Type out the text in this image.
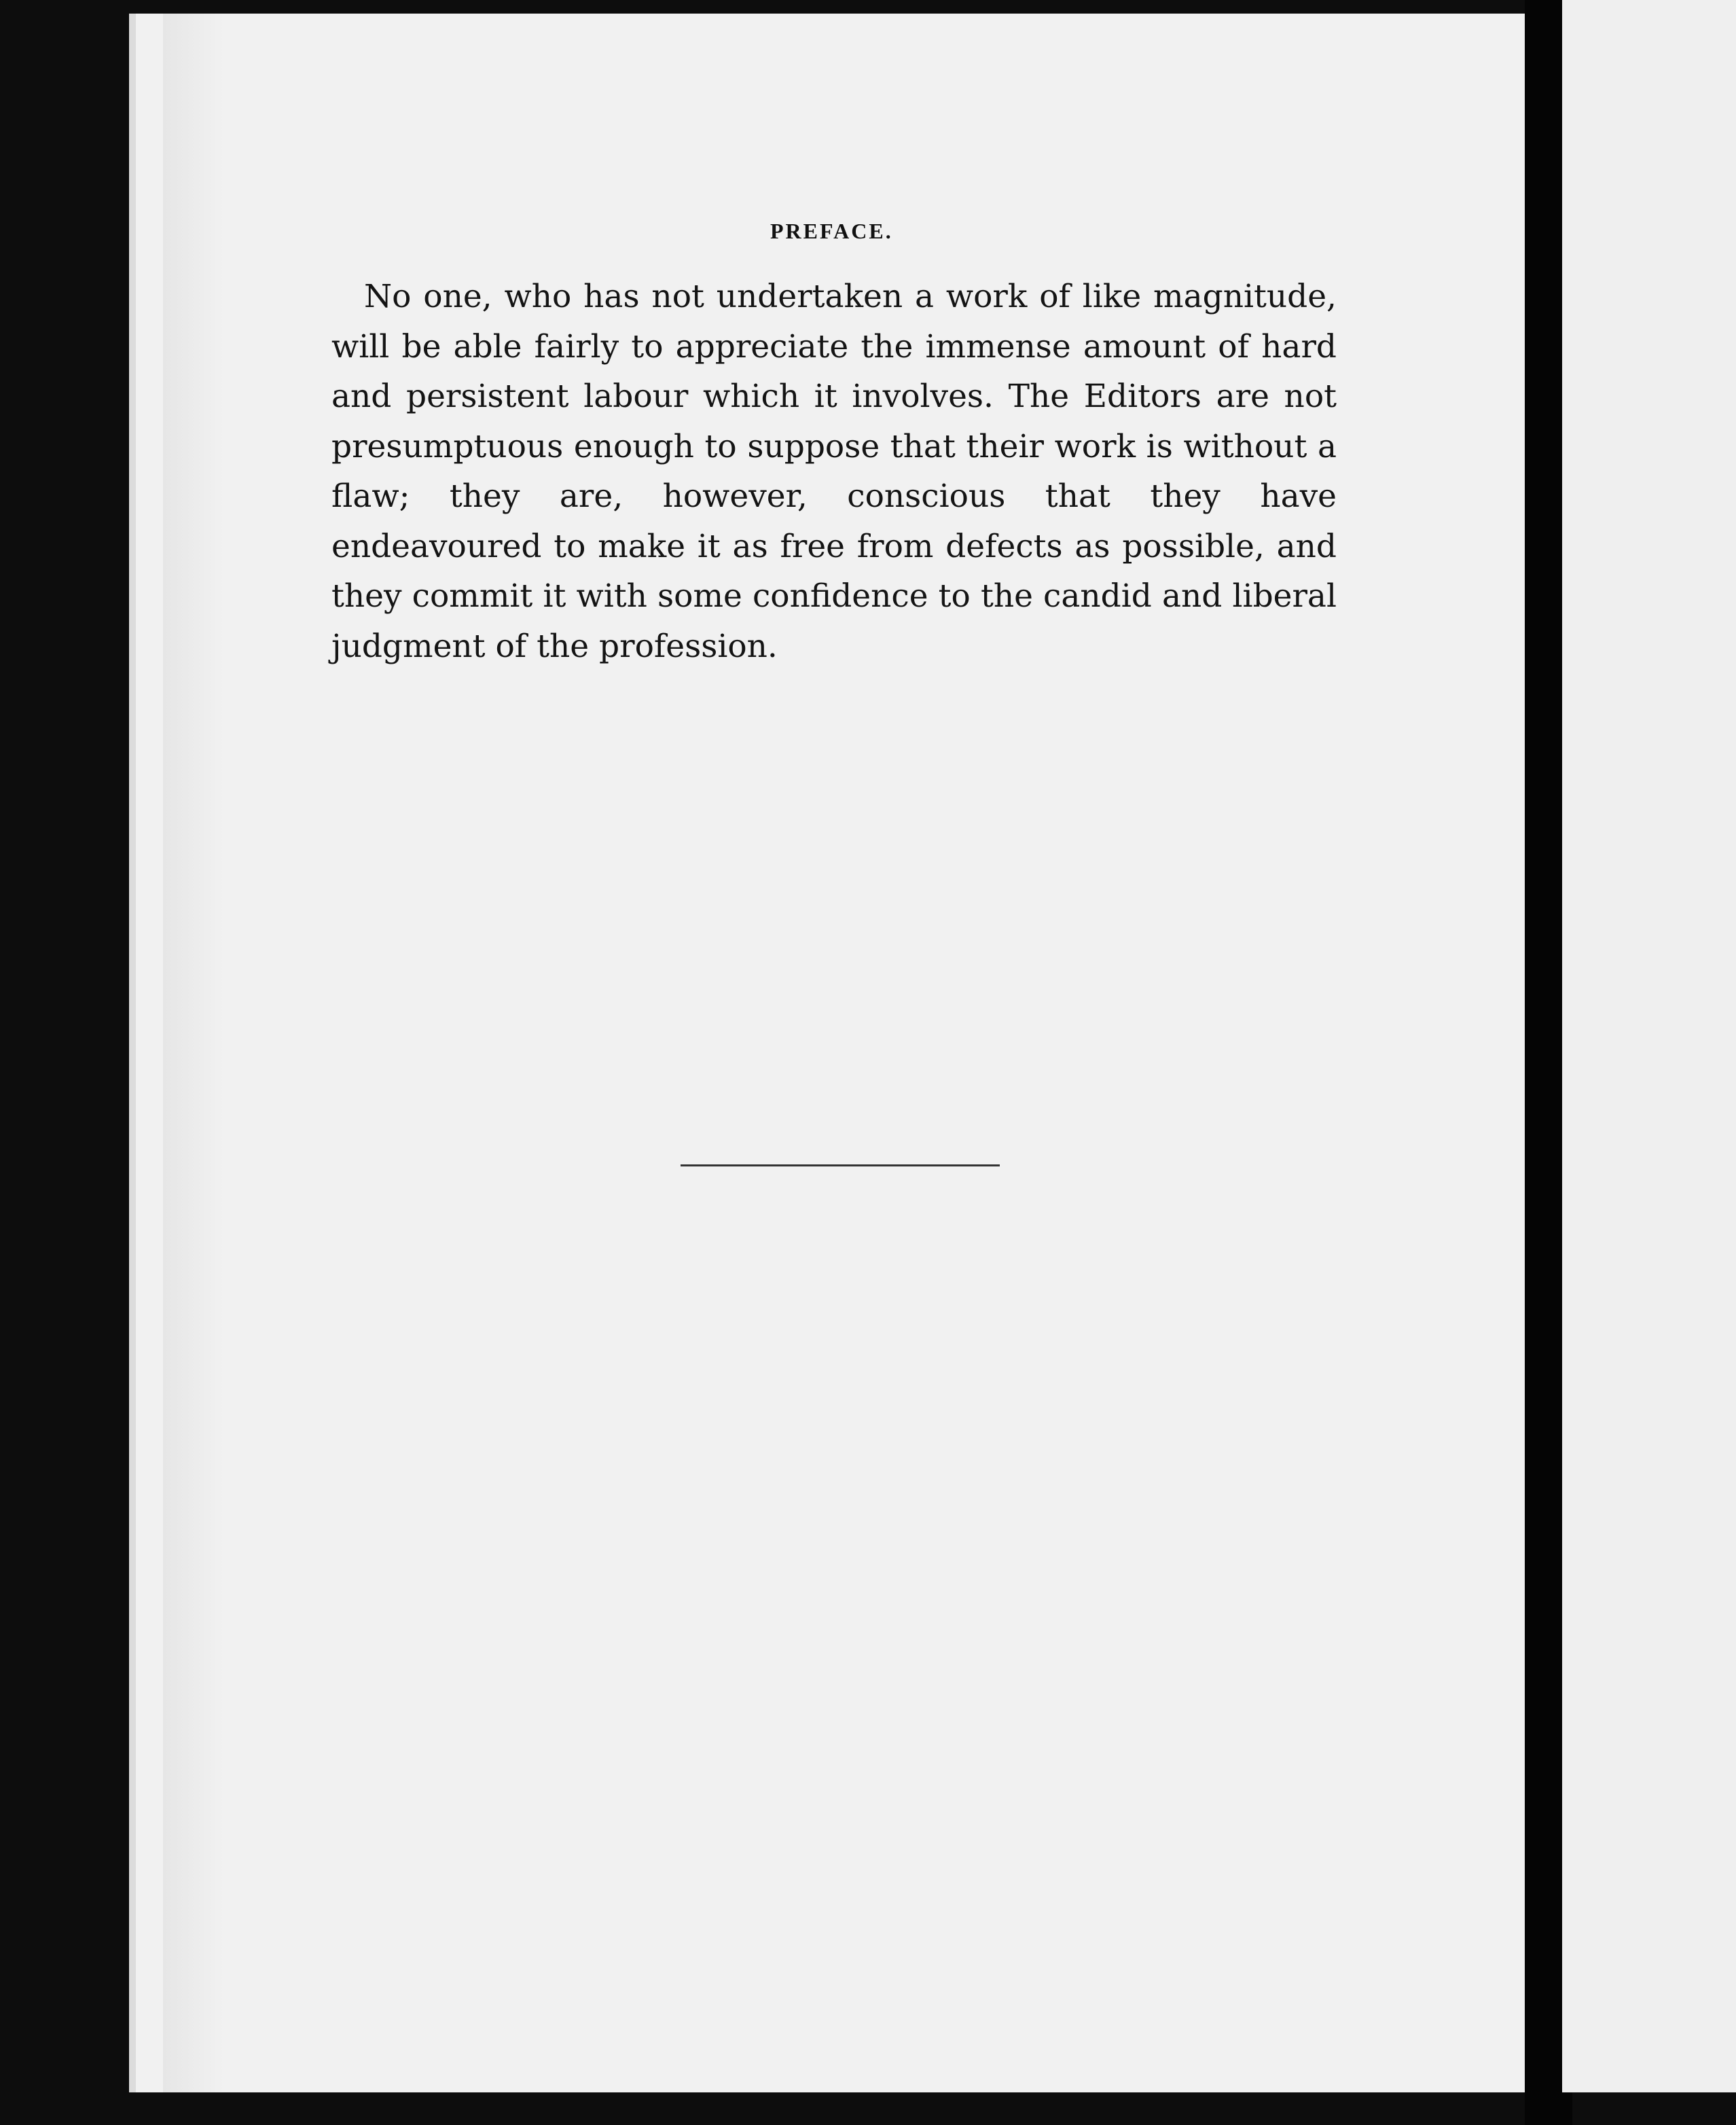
PREFACE.

No one, who has not undertaken a work of like magnitude, will be able fairly to appreciate the immense amount of hard and persistent labour which it involves. The Editors are not presumptuous enough to suppose that their work is without a flaw; they are, however, conscious that they have endeavoured to make it as free from defects as possible, and they commit it with some confidence to the candid and liberal judgment of the profession.
